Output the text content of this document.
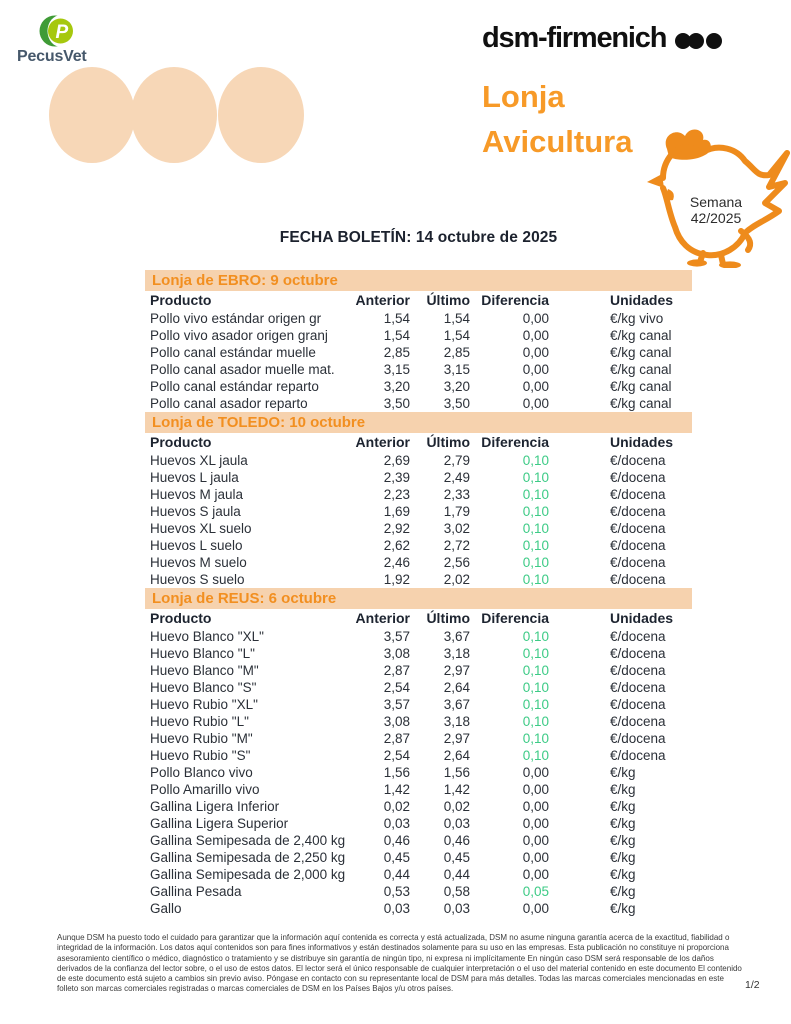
P
PecusVet
dsm-firmenich
Lonja
Avicultura
Semana
42/2025
FECHA BOLETÍN: 14 octubre de 2025
Lonja de EBRO: 9 octubre
Producto	Anterior	Último	Diferencia	Unidades
Pollo vivo estándar origen gr	1,54	1,54	0,00	€/kg vivo
Pollo vivo asador origen granj	1,54	1,54	0,00	€/kg canal
Pollo canal estándar muelle	2,85	2,85	0,00	€/kg canal
Pollo canal asador muelle mat.	3,15	3,15	0,00	€/kg canal
Pollo canal estándar reparto	3,20	3,20	0,00	€/kg canal
Pollo canal asador reparto	3,50	3,50	0,00	€/kg canal
Lonja de TOLEDO: 10 octubre
Producto	Anterior	Último	Diferencia	Unidades
Huevos XL jaula	2,69	2,79	0,10	€/docena
Huevos L jaula	2,39	2,49	0,10	€/docena
Huevos M jaula	2,23	2,33	0,10	€/docena
Huevos S jaula	1,69	1,79	0,10	€/docena
Huevos XL suelo	2,92	3,02	0,10	€/docena
Huevos L suelo	2,62	2,72	0,10	€/docena
Huevos M suelo	2,46	2,56	0,10	€/docena
Huevos S suelo	1,92	2,02	0,10	€/docena
Lonja de REUS: 6 octubre
Producto	Anterior	Último	Diferencia	Unidades
Huevo Blanco "XL"	3,57	3,67	0,10	€/docena
Huevo Blanco "L"	3,08	3,18	0,10	€/docena
Huevo Blanco "M"	2,87	2,97	0,10	€/docena
Huevo Blanco "S"	2,54	2,64	0,10	€/docena
Huevo Rubio "XL"	3,57	3,67	0,10	€/docena
Huevo Rubio "L"	3,08	3,18	0,10	€/docena
Huevo Rubio "M"	2,87	2,97	0,10	€/docena
Huevo Rubio "S"	2,54	2,64	0,10	€/docena
Pollo Blanco vivo	1,56	1,56	0,00	€/kg
Pollo Amarillo vivo	1,42	1,42	0,00	€/kg
Gallina Ligera Inferior	0,02	0,02	0,00	€/kg
Gallina Ligera Superior	0,03	0,03	0,00	€/kg
Gallina Semipesada de 2,400 kg	0,46	0,46	0,00	€/kg
Gallina Semipesada de 2,250 kg	0,45	0,45	0,00	€/kg
Gallina Semipesada de 2,000 kg	0,44	0,44	0,00	€/kg
Gallina Pesada	0,53	0,58	0,05	€/kg
Gallo	0,03	0,03	0,00	€/kg
Aunque DSM ha puesto todo el cuidado para garantizar que la información aquí contenida es correcta y está actualizada, DSM no asume ninguna garantía acerca de la exactitud, fiabilidad o integridad de la información. Los datos aquí contenidos son para fines informativos y están destinados solamente para su uso en las empresas. Esta publicación no constituye ni proporciona asesoramiento científico o médico, diagnóstico o tratamiento y se distribuye sin garantía de ningún tipo, ni expresa ni implícitamente En ningún caso DSM será responsable de los daños derivados de la confianza del lector sobre, o el uso de estos datos. El lector será el único responsable de cualquier interpretación o el uso del material contenido en este documento El contenido de este documento está sujeto a cambios sin previo aviso. Póngase en contacto con su representante local de DSM para más detalles. Todas las marcas comerciales mencionadas en este folleto son marcas comerciales registradas o marcas comerciales de DSM en los Países Bajos y/u otros países.	1/2
